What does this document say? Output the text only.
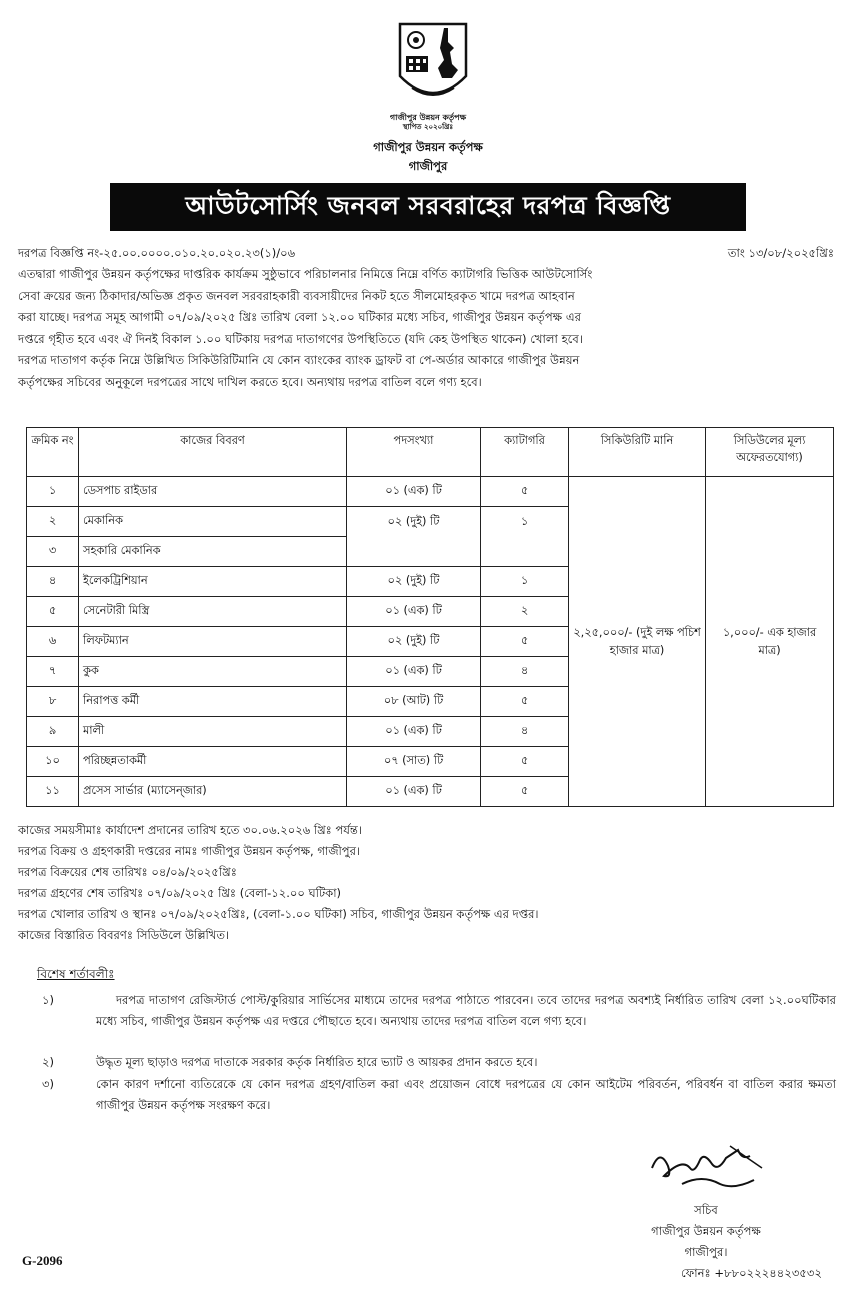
গাজীপুর উন্নয়ন কর্তৃপক্ষ
স্থাপিত ২০২০খ্রিঃ
গাজীপুর উন্নয়ন কর্তৃপক্ষ
গাজীপুর
আউটসোর্সিং জনবল সরবরাহের দরপত্র বিজ্ঞপ্তি
দরপত্র বিজ্ঞপ্তি নং-২৫.০০.০০০০.০১০.২০.০২০.২৩(১)/০৬	তাং ১৩/০৮/২০২৫খ্রিঃ
এতদ্বারা গাজীপুর উন্নয়ন কর্তৃপক্ষের দাপ্তরিক কার্যক্রম সুষ্ঠুভাবে পরিচালনার নিমিত্তে নিম্নে বর্ণিত ক্যাটাগরি ভিত্তিক আউটসোর্সিং
সেবা ক্রয়ের জন্য ঠিকাদার/অভিজ্ঞ প্রকৃত জনবল সরবরাহকারী ব্যবসায়ীদের নিকট হতে সীলমোহরকৃত খামে দরপত্র আহবান
করা যাচ্ছে। দরপত্র সমূহ আগামী ০৭/০৯/২০২৫ খ্রিঃ তারিখ বেলা ১২.০০ ঘটিকার মধ্যে সচিব, গাজীপুর উন্নয়ন কর্তৃপক্ষ এর
দপ্তরে গৃহীত হবে এবং ঐ দিনই বিকাল ১.০০ ঘটিকায় দরপত্র দাতাগণের উপস্থিতিতে (যদি কেহ উপস্থিত থাকেন) খোলা হবে।
দরপত্র দাতাগণ কর্তৃক নিম্নে উল্লিখিত সিকিউরিটিমানি যে কোন ব্যাংকের ব্যাংক ড্রাফট বা পে-অর্ডার আকারে গাজীপুর উন্নয়ন
কর্তৃপক্ষের সচিবের অনুকূলে দরপত্রের সাথে দাখিল করতে হবে। অন্যথায় দরপত্র বাতিল বলে গণ্য হবে।
ক্রমিক নং	কাজের বিবরণ	পদসংখ্যা	ক্যাটাগরি	সিকিউরিটি মানি	সিডিউলের মূল্য অফেরতযোগ্য)
১	ডেসপাচ রাইডার	০১ (এক) টি	৫	২,২৫,০০০/- (দুই লক্ষ পচিশ হাজার মাত্র)	১,০০০/- এক হাজার মাত্র)
২	মেকানিক	০২ (দুই) টি	১		
৩	সহকারি মেকানিক				
৪	ইলেকট্রিশিয়ান	০২ (দুই) টি	১		
৫	সেনেটারী মিস্ত্রি	০১ (এক) টি	২		
৬	লিফটম্যান	০২ (দুই) টি	৫		
৭	কুক	০১ (এক) টি	৪		
৮	নিরাপত্ত কর্মী	০৮ (আট) টি	৫		
৯	মালী	০১ (এক) টি	৪		
১০	পরিচ্ছন্নতাকর্মী	০৭ (সাত) টি	৫		
১১	প্রসেস সার্ভার (ম্যাসেন্জার)	০১ (এক) টি	৫		
কাজের সময়সীমাঃ কার্যাদেশ প্রদানের তারিখ হতে ৩০.০৬.২০২৬ খ্রিঃ পর্যন্ত।
দরপত্র বিক্রয় ও গ্রহণকারী দপ্তরের নামঃ গাজীপুর উন্নয়ন কর্তৃপক্ষ, গাজীপুর।
দরপত্র বিক্রয়ের শেষ তারিখঃ ০৪/০৯/২০২৫খ্রিঃ
দরপত্র গ্রহণের শেষ তারিখঃ ০৭/০৯/২০২৫ খ্রিঃ (বেলা-১২.০০ ঘটিকা)
দরপত্র খোলার তারিখ ও স্থানঃ ০৭/০৯/২০২৫খ্রিঃ, (বেলা-১.০০ ঘটিকা) সচিব, গাজীপুর উন্নয়ন কর্তৃপক্ষ এর দপ্তর।
কাজের বিস্তারিত বিবরণঃ সিডিউলে উল্লিখিত।
বিশেষ শর্তাবলীঃ
১)	দরপত্র দাতাগণ রেজিস্টার্ড পোস্ট/কুরিয়ার সার্ভিসের মাধ্যমে তাদের দরপত্র পাঠাতে পারবেন। তবে তাদের দরপত্র অবশ্যই নির্ধারিত তারিখ বেলা ১২.০০ঘটিকার মধ্যে সচিব, গাজীপুর উন্নয়ন কর্তৃপক্ষ এর দপ্তরে পৌছাতে হবে। অন্যথায় তাদের দরপত্র বাতিল বলে গণ্য হবে।
২)	উদ্ধৃত মূল্য ছাড়াও দরপত্র দাতাকে সরকার কর্তৃক নির্ধারিত হারে ভ্যাট ও আয়কর প্রদান করতে হবে।
৩)	কোন কারণ দর্শানো ব্যতিরেকে যে কোন দরপত্র গ্রহণ/বাতিল করা এবং প্রয়োজন বোধে দরপত্রের যে কোন আইটেম পরিবর্তন, পরিবর্ধন বা বাতিল করার ক্ষমতা গাজীপুর উন্নয়ন কর্তৃপক্ষ সংরক্ষণ করে।
সচিব
গাজীপুর উন্নয়ন কর্তৃপক্ষ
গাজীপুর।
ফোনঃ +৮৮০২২২৪৪২৩৫৩২
G-2096
